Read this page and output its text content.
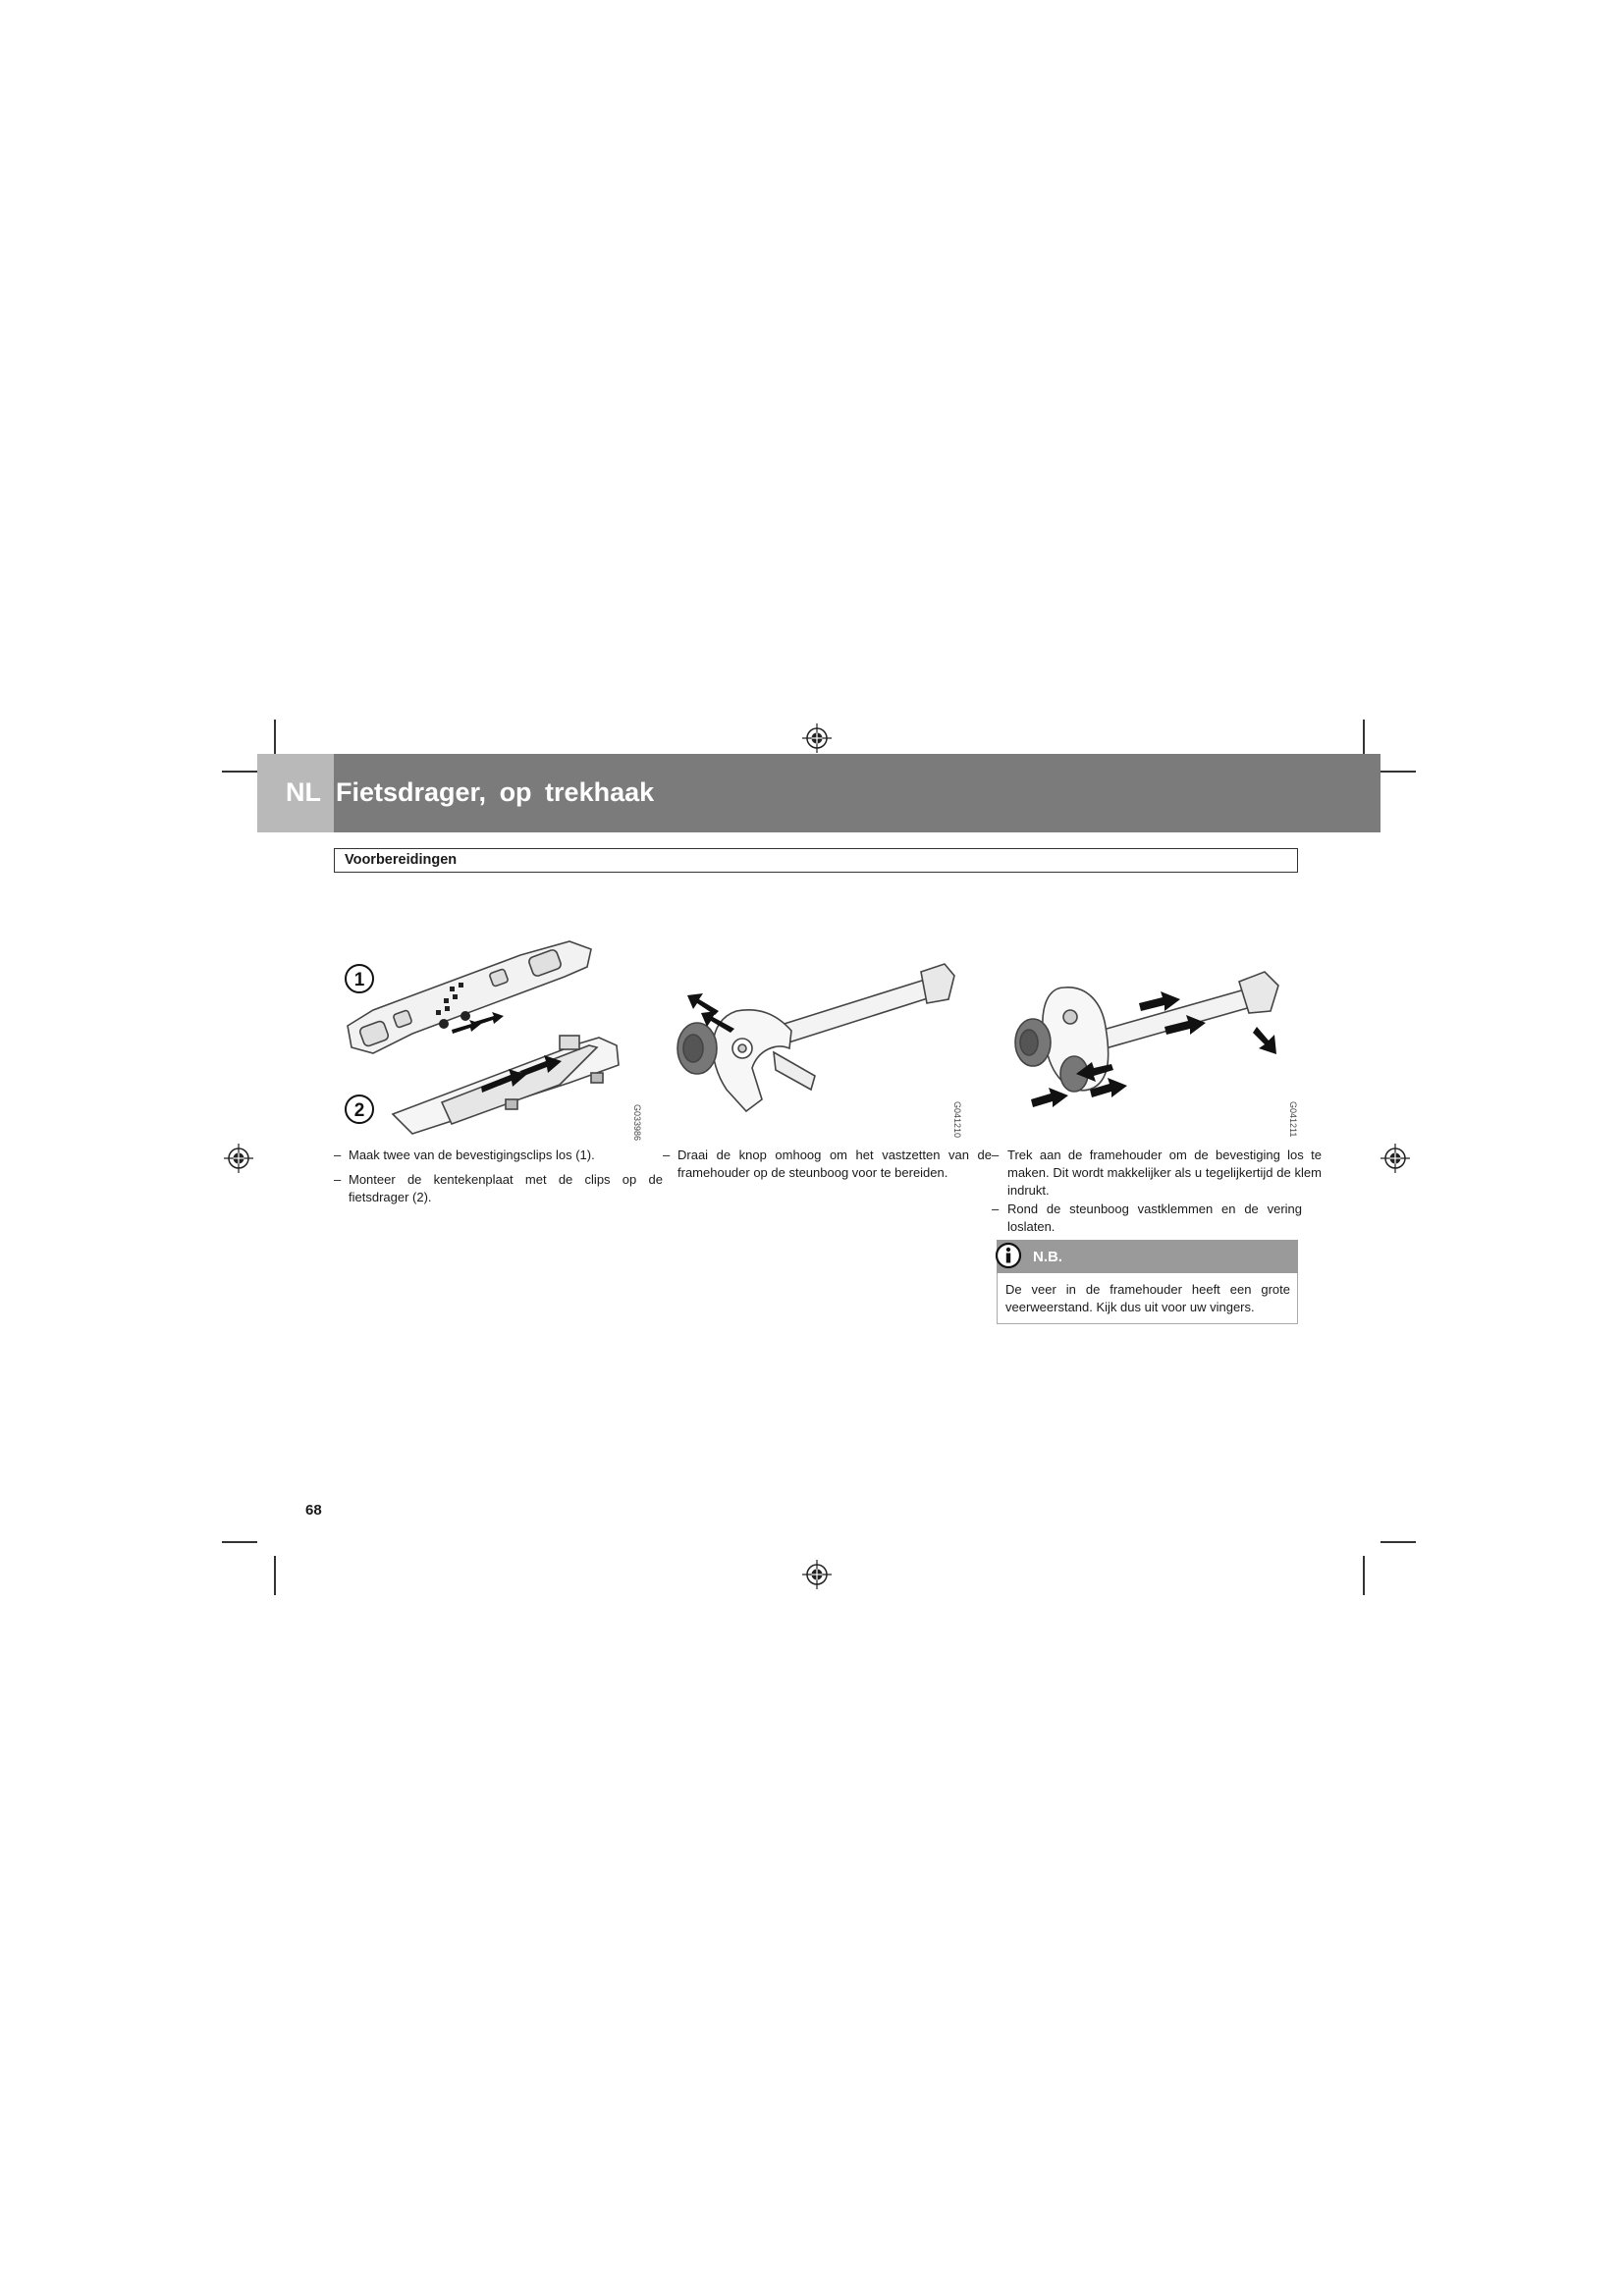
NL Fietsdrager, op trekhaak
Voorbereidingen
1
2	G033986	G041210	G041211
– Maak twee van de bevestigingsclips los (1).
– Monteer de kentekenplaat met de clips op de fietsdrager (2).
– Draai de knop omhoog om het vastzetten van de framehouder op de steunboog voor te bereiden.
– Trek aan de framehouder om de bevestiging los te maken. Dit wordt makkelijker als u tegelijkertijd de klem indrukt.
– Rond de steunboog vastklemmen en de vering loslaten.
N.B.
De veer in de framehouder heeft een grote veerweerstand. Kijk dus uit voor uw vingers.
68
